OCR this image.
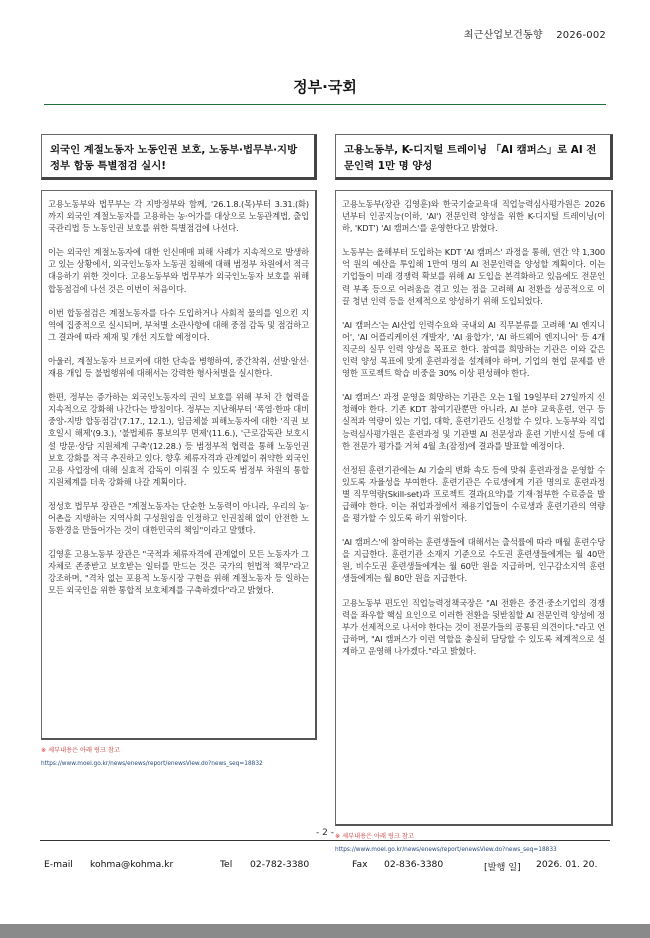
최근산업보건동향 2026-002
정부·국회
외국인 계절노동자 노동인권 보호, 노동부·법무부·지방정부 합동 특별점검 실시!

고용노동부와 법무부는 각 지방정부와 함께, '26.1.8.(목)부터 3.31.(화)까지 외국인 계절노동자를 고용하는 농·어가를 대상으로 노동관계법, 출입국관리법 등 노동인권 보호를 위한 특별점검에 나선다.

이는 외국인 계절노동자에 대한 인신매매 피해 사례가 지속적으로 발생하고 있는 상황에서, 외국인노동자 노동권 침해에 대해 범정부 차원에서 적극 대응하기 위한 것이다. 고용노동부와 법무부가 외국인노동자 보호를 위해 합동점검에 나선 것은 이번이 처음이다.

이번 합동점검은 계절노동자를 다수 도입하거나 사회적 물의를 일으킨 지역에 집중적으로 실시되며, 부처별 소관사항에 대해 중점 감독 및 점검하고 그 결과에 따라 제재 및 개선 지도할 예정이다.

아울러, 계절노동자 브로커에 대한 단속을 병행하여, 중간착취, 선발·알선·재용 개입 등 불법행위에 대해서는 강력한 형사처벌을 실시한다.

한편, 정부는 증가하는 외국인노동자의 권익 보호를 위해 부처 간 협력을 지속적으로 강화해 나간다는 방침이다. 정부는 지난해부터 '폭염·한파 대비 중앙-지방 합동점검'(7.17., 12.1.), 임금체불 피해노동자에 대한 '직권 보호일시 해제'(9.3.), '불법체류 통보의무 면제'(11.6.), '근로감독관 보호시설 방문·상담 지원체계 구축'(12.28.) 등 범정부적 협력을 통해 노동인권 보호 강화를 적극 추진하고 있다. 향후 체류자격과 관계없이 취약한 외국인고용 사업장에 대해 실효적 감독이 이뤄질 수 있도록 범정부 차원의 통합 지원체계를 더욱 강화해 나갈 계획이다.

정성호 법무부 장관은 "계절노동자는 단순한 노동력이 아니라, 우리의 농·어촌을 지탱하는 지역사회 구성원임을 인정하고 인권침해 없이 안전한 노동환경을 만들어가는 것이 대한민국의 책임"이라고 말했다.

김영훈 고용노동부 장관은 "국적과 체류자격에 관계없이 모든 노동자가 그 자체로 존중받고 보호받는 일터를 만드는 것은 국가의 헌법적 책무"라고 강조하며, "격차 없는 포용적 노동시장 구현을 위해 계절노동자 등 일하는 모든 외국인을 위한 통합적 보호체계를 구축하겠다"라고 밝혔다.

※ 세부내용은 아래 링크 참고
https://www.moel.go.kr/news/enews/report/enewsView.do?news_seq=18832
고용노동부, K-디지털 트레이닝 「AI 캠퍼스」로 AI 전문인력 1만 명 양성

고용노동부(장관 김영훈)와 한국기술교육대 직업능력심사평가원은 2026년부터 인공지능(이하, 'AI') 전문인력 양성을 위한 K-디지털 트레이닝(이하, 'KDT') 'AI 캠퍼스'를 운영한다고 밝혔다.

노동부는 올해부터 도입하는 KDT 'AI 캠퍼스' 과정을 통해, 연간 약 1,300억 원의 예산을 투입해 1만여 명의 AI 전문인력을 양성할 계획이다. 이는 기업들이 미래 경쟁력 확보를 위해 AI 도입을 본격화하고 있음에도 전문인력 부족 등으로 어려움을 겪고 있는 점을 고려해 AI 전환을 성공적으로 이끌 청년 인력 등을 선제적으로 양성하기 위해 도입되었다.

'AI 캠퍼스'는 AI산업 인력수요와 국내외 AI 직무분류를 고려해 'AI 엔지니어', 'AI 어플리케이션 개발자', 'AI 융합가', 'AI 하드웨어 엔지니어' 등 4개 직군의 실무 인력 양성을 목표로 한다. 참여를 희망하는 기관은 이와 같은 인력 양성 목표에 맞게 훈련과정을 설계해야 하며, 기업의 현업 문제를 반영한 프로젝트 학습 비중을 30% 이상 편성해야 한다.

'AI 캠퍼스' 과정 운영을 희망하는 기관은 오는 1월 19일부터 27일까지 신청해야 한다. 기존 KDT 참여기관뿐만 아니라, AI 분야 교육훈련, 연구 등 실적과 역량이 있는 기업, 대학, 훈련기관도 신청할 수 있다. 노동부와 직업능력심사평가원은 훈련과정 및 기관별 AI 전문성과 훈련 기반시설 등에 대한 전문가 평가를 거쳐 4월 초(잠정)에 결과를 발표할 예정이다.

선정된 훈련기관에는 AI 기술의 변화 속도 등에 맞춰 훈련과정을 운영할 수 있도록 자율성을 부여한다. 훈련기관은 수료생에게 기관 명의로 훈련과정별 직무역량(Skill-set)과 프로젝트 결과(요약)를 기재·첨부한 수료증을 발급해야 한다. 이는 취업과정에서 채용기업들이 수료생과 훈련기관의 역량을 평가할 수 있도록 하기 위함이다.

'AI 캠퍼스'에 참여하는 훈련생들에 대해서는 출석률에 따라 매월 훈련수당을 지급한다. 훈련기관 소재지 기준으로 수도권 훈련생들에게는 월 40만 원, 비수도권 훈련생들에게는 월 60만 원을 지급하며, 인구감소지역 훈련생들에게는 월 80만 원을 지급한다.

고용노동부 편도인 직업능력정책국장은 "AI 전환은 중견·중소기업의 경쟁력을 좌우할 핵심 요인으로 이러한 전환을 뒷받침할 AI 전문인력 양성에 정부가 선제적으로 나서야 한다는 것이 전문가들의 공통된 의견이다."라고 언급하며, "AI 캠퍼스가 이런 역할을 충실히 담당할 수 있도록 체계적으로 설계하고 운영해 나가겠다."라고 밝혔다.

※ 세부내용은 아래 링크 참고
https://www.moel.go.kr/news/enews/report/enewsView.do?news_seq=18833
- 2 -
E-mail kohma@kohma.kr	Tel 02-782-3380	Fax 02-836-3380	[발행 일] 2026. 01. 20.
